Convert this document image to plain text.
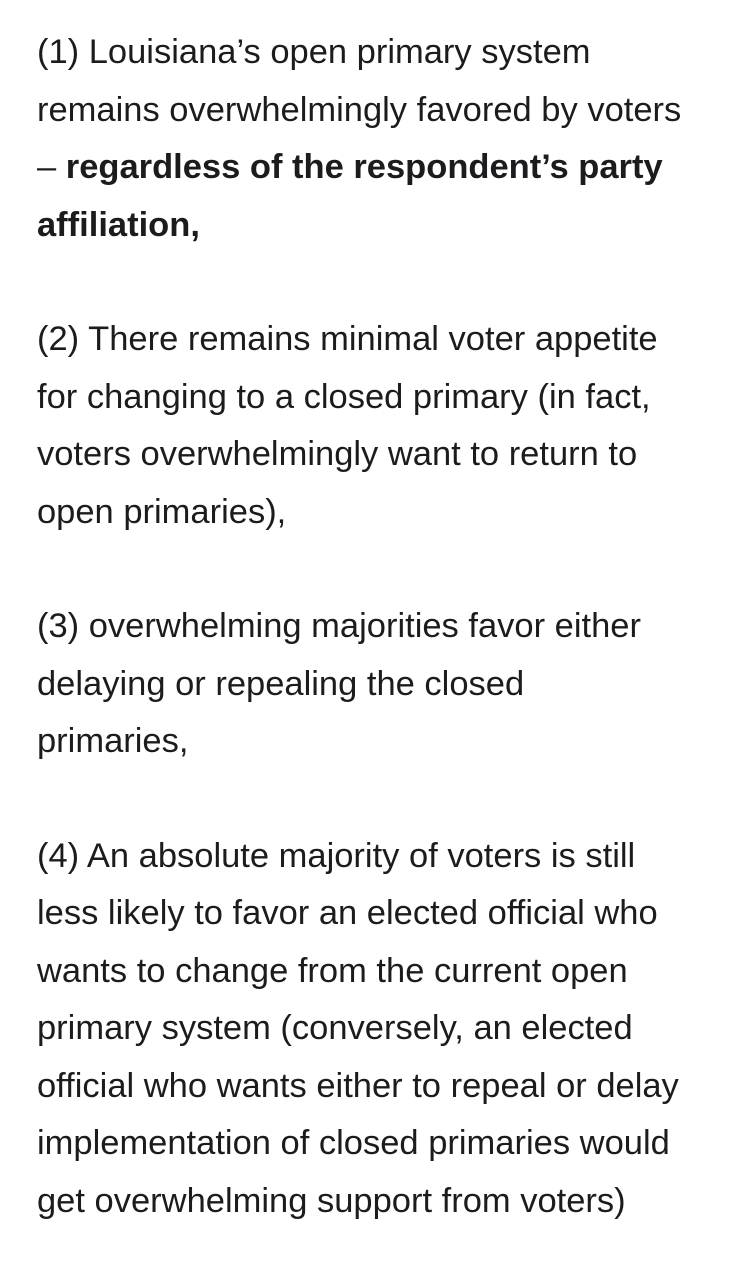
(1) Louisiana’s open primary system
remains overwhelmingly favored by voters
– regardless of the respondent’s party
affiliation,

(2) There remains minimal voter appetite
for changing to a closed primary (in fact,
voters overwhelmingly want to return to
open primaries),

(3) overwhelming majorities favor either
delaying or repealing the closed
primaries,

(4) An absolute majority of voters is still
less likely to favor an elected official who
wants to change from the current open
primary system (conversely, an elected
official who wants either to repeal or delay
implementation of closed primaries would
get overwhelming support from voters)
